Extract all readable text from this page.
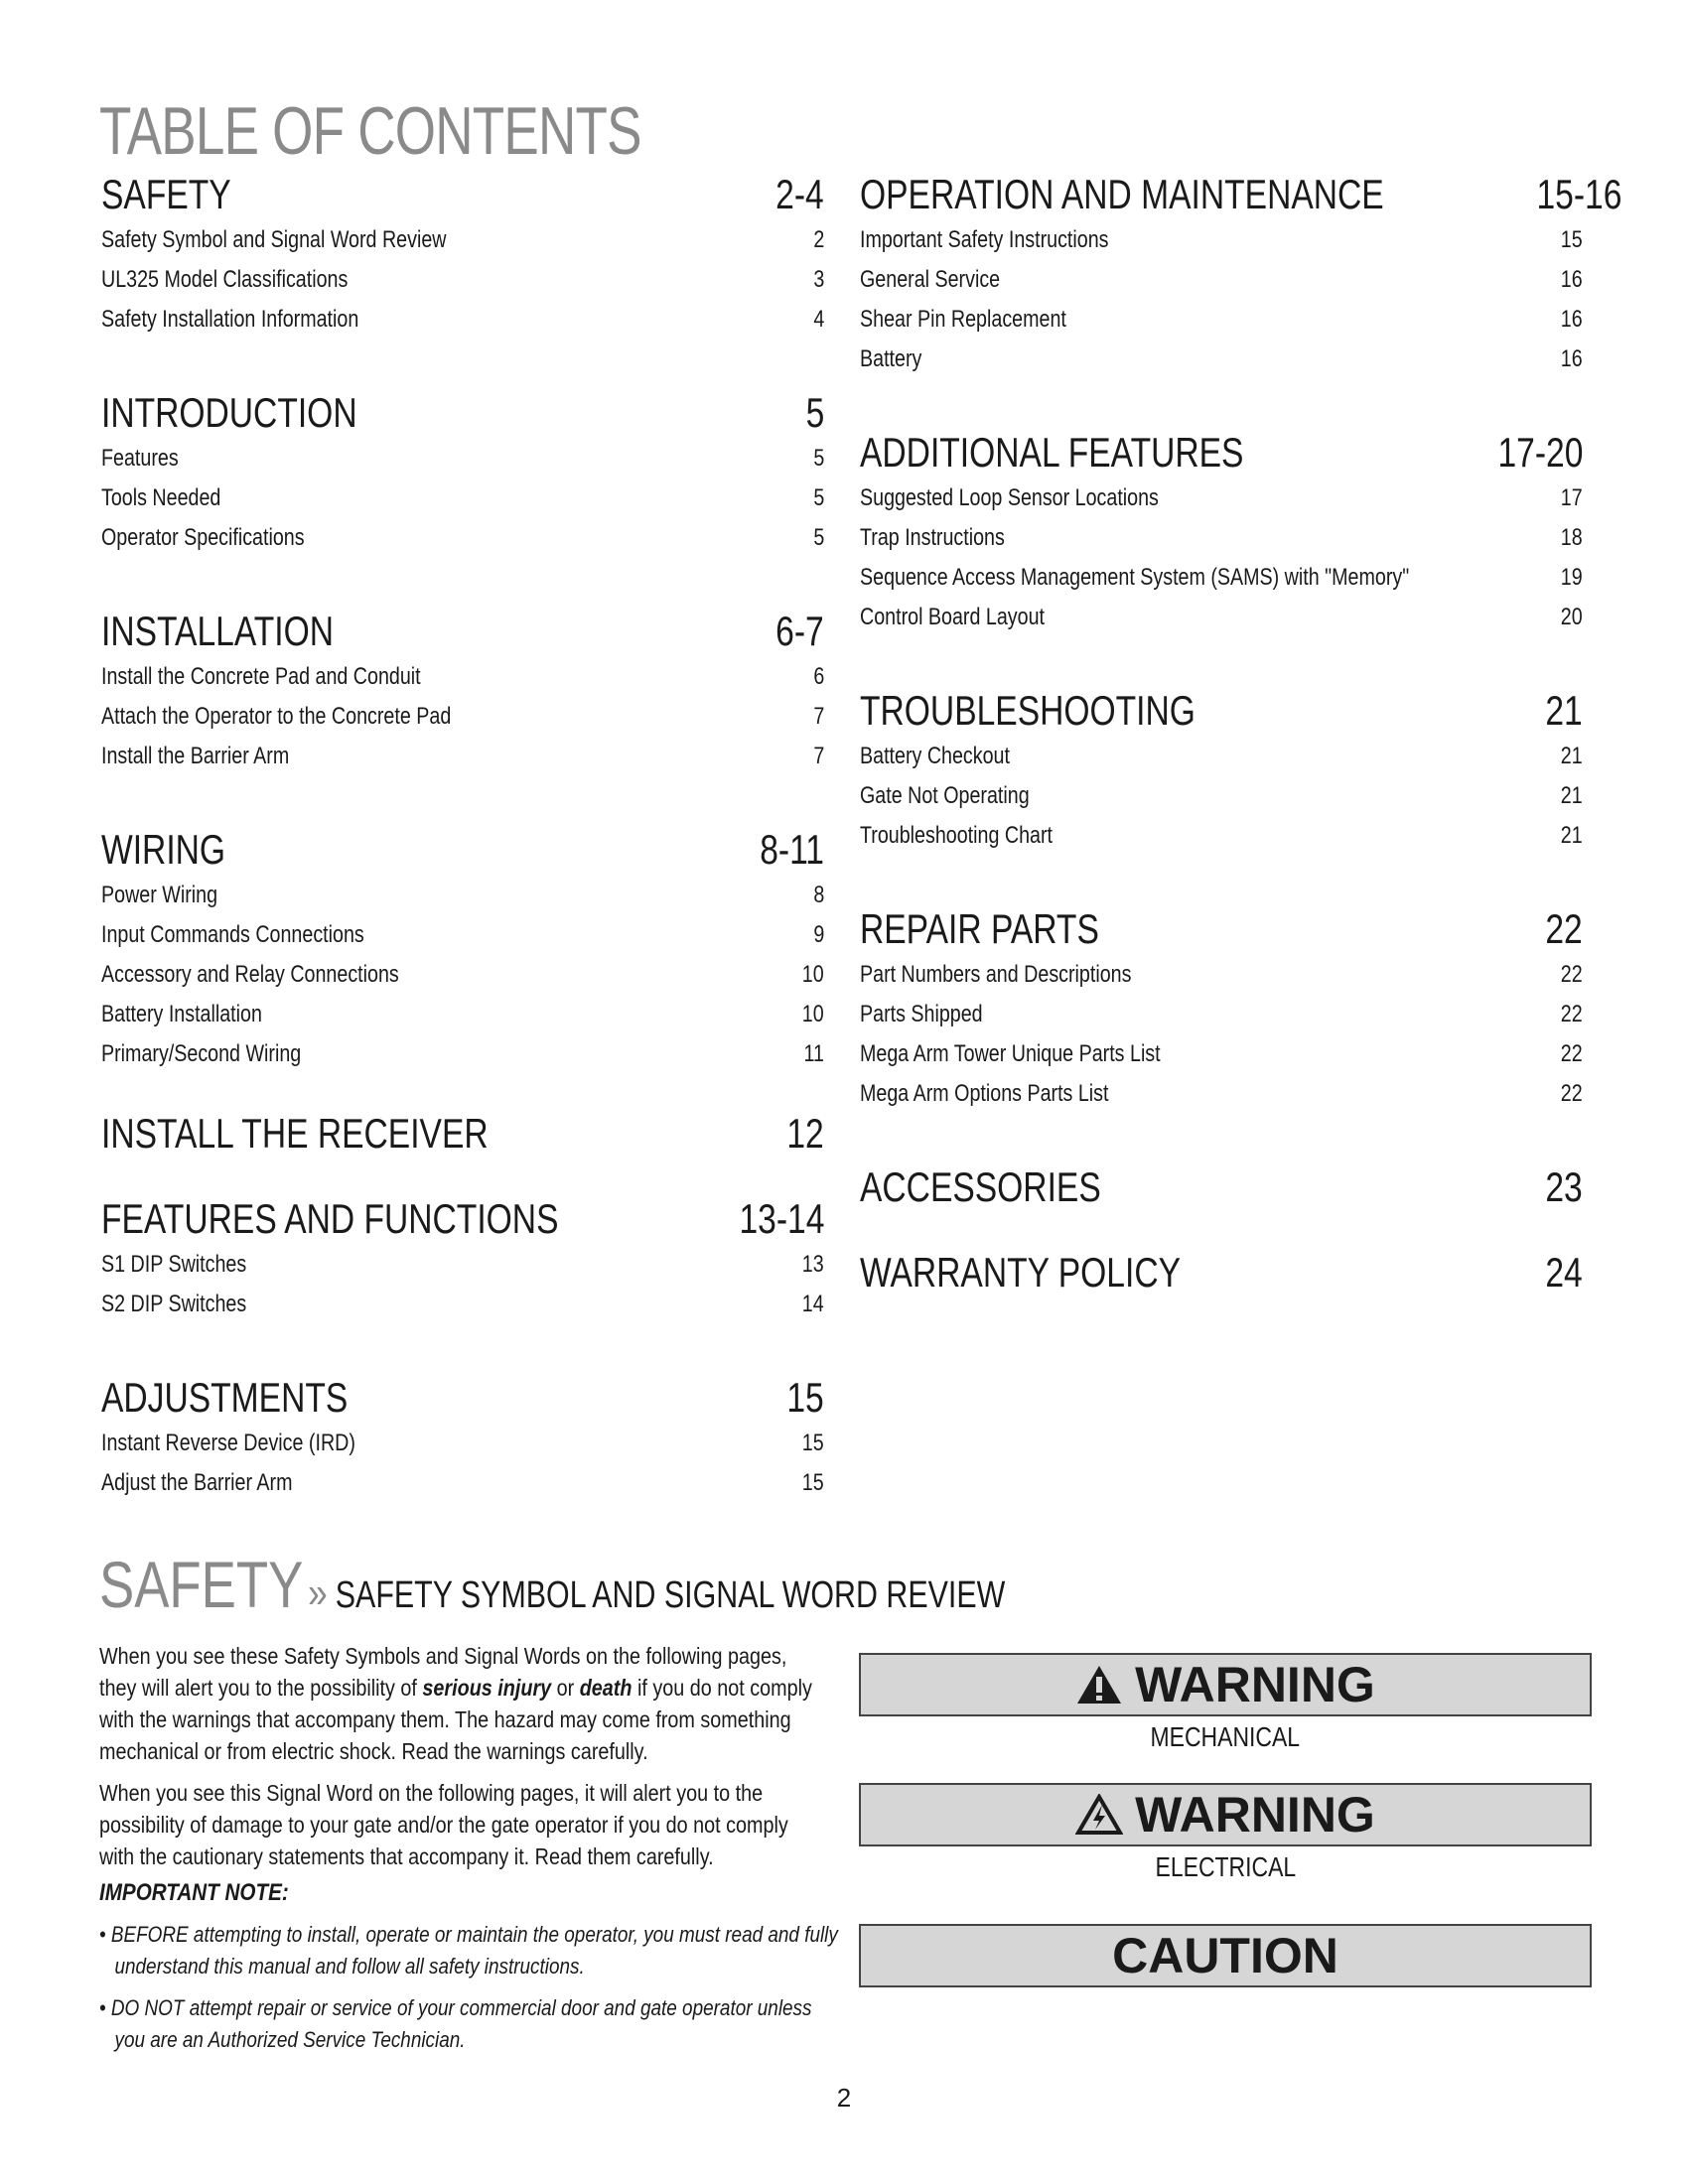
TABLE OF CONTENTS
SAFETY	2-4
Safety Symbol and Signal Word Review	2
UL325 Model Classifications	3
Safety Installation Information	4
INTRODUCTION	5
Features	5
Tools Needed	5
Operator Specifications	5
INSTALLATION	6-7
Install the Concrete Pad and Conduit	6
Attach the Operator to the Concrete Pad	7
Install the Barrier Arm	7
WIRING	8-11
Power Wiring	8
Input Commands Connections	9
Accessory and Relay Connections	10
Battery Installation	10
Primary/Second Wiring	11
INSTALL THE RECEIVER	12
FEATURES AND FUNCTIONS	13-14
S1 DIP Switches	13
S2 DIP Switches	14
ADJUSTMENTS	15
Instant Reverse Device (IRD)	15
Adjust the Barrier Arm	15
OPERATION AND MAINTENANCE	15-16
Important Safety Instructions	15
General Service	16
Shear Pin Replacement	16
Battery	16
ADDITIONAL FEATURES	17-20
Suggested Loop Sensor Locations	17
Trap Instructions	18
Sequence Access Management System (SAMS) with "Memory"	19
Control Board Layout	20
TROUBLESHOOTING	21
Battery Checkout	21
Gate Not Operating	21
Troubleshooting Chart	21
REPAIR PARTS	22
Part Numbers and Descriptions	22
Parts Shipped	22
Mega Arm Tower Unique Parts List	22
Mega Arm Options Parts List	22
ACCESSORIES	23
WARRANTY POLICY	24
SAFETY » SAFETY SYMBOL AND SIGNAL WORD REVIEW

When you see these Safety Symbols and Signal Words on the following pages, they will alert you to the possibility of serious injury or death if you do not comply with the warnings that accompany them. The hazard may come from something mechanical or from electric shock. Read the warnings carefully.

When you see this Signal Word on the following pages, it will alert you to the possibility of damage to your gate and/or the gate operator if you do not comply with the cautionary statements that accompany it. Read them carefully.

IMPORTANT NOTE:
• BEFORE attempting to install, operate or maintain the operator, you must read and fully understand this manual and follow all safety instructions.
• DO NOT attempt repair or service of your commercial door and gate operator unless you are an Authorized Service Technician.
WARNING
MECHANICAL
WARNING
ELECTRICAL
CAUTION
2
